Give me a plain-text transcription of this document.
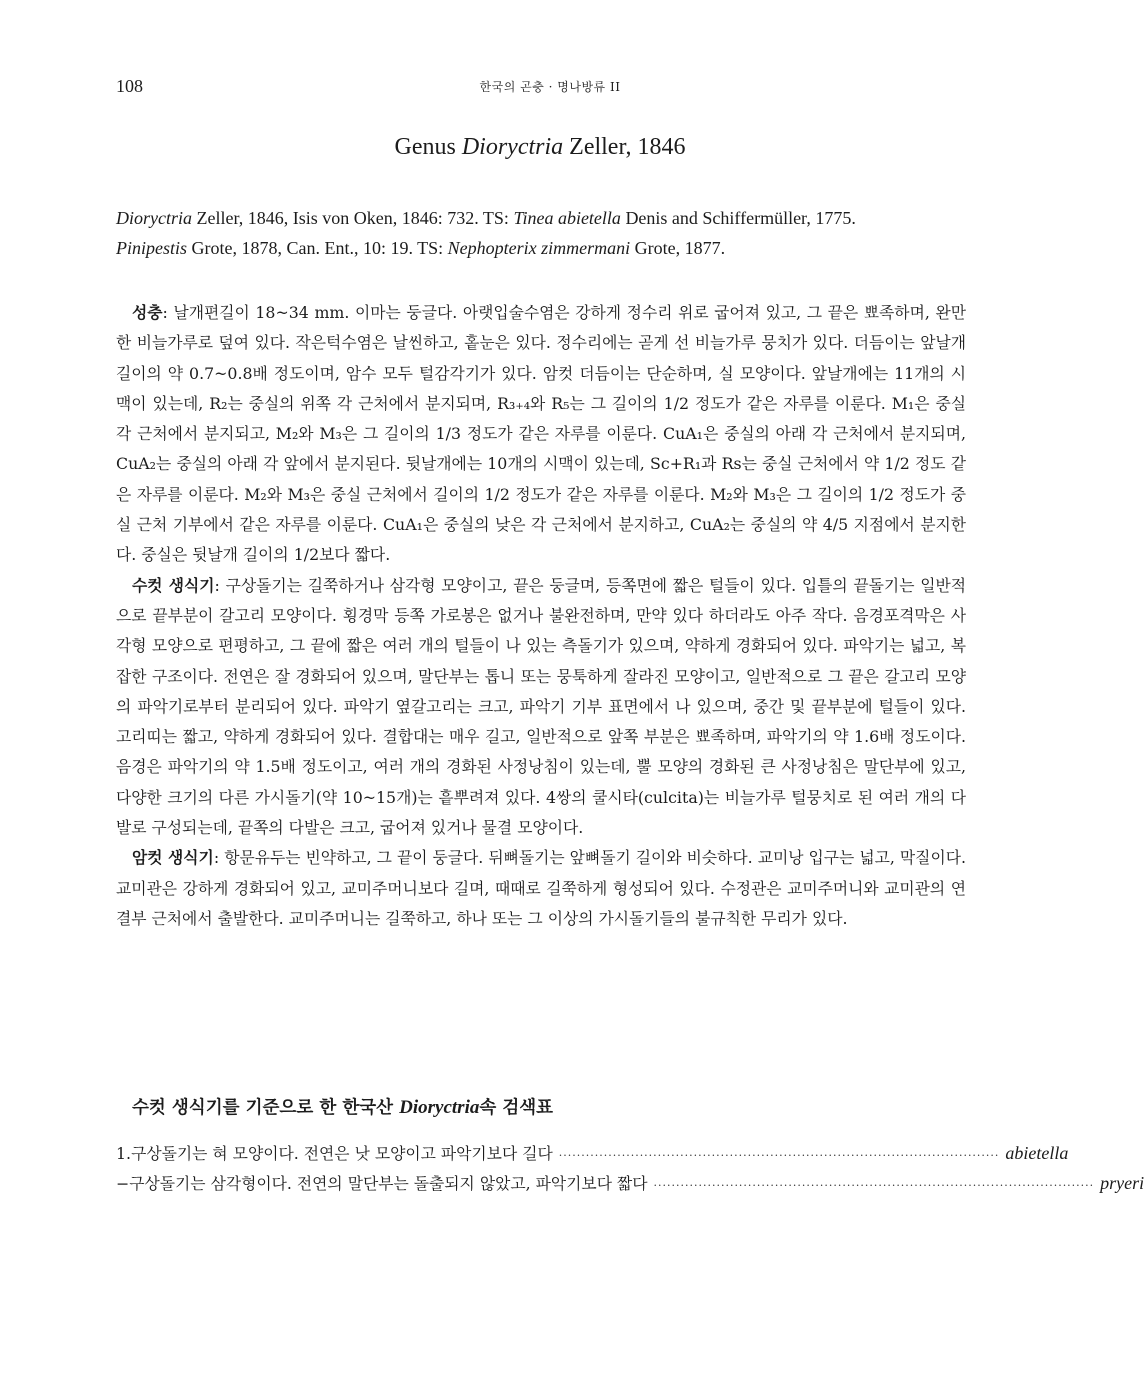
108	한국의 곤충 · 명나방류 II
Genus Dioryctria Zeller, 1846
Dioryctria Zeller, 1846, Isis von Oken, 1846: 732. TS: Tinea abietella Denis and Schiffermüller, 1775.
Pinipestis Grote, 1878, Can. Ent., 10: 19. TS: Nephopterix zimmermani Grote, 1877.

성충: 날개편길이 18~34 mm. 이마는 둥글다. 아랫입술수염은 강하게 정수리 위로 굽어져 있고, 그 끝은 뾰족하며, 완만한 비늘가루로 덮여 있다. 작은턱수염은 날씬하고, 홑눈은 있다. 정수리에는 곧게 선 비늘가루 뭉치가 있다. 더듬이는 앞날개 길이의 약 0.7~0.8배 정도이며, 암수 모두 털감각기가 있다. 암컷 더듬이는 단순하며, 실 모양이다. 앞날개에는 11개의 시맥이 있는데, R₂는 중실의 위쪽 각 근처에서 분지되며, R₃₊₄와 R₅는 그 길이의 1/2 정도가 같은 자루를 이룬다. M₁은 중실 각 근처에서 분지되고, M₂와 M₃은 그 길이의 1/3 정도가 같은 자루를 이룬다. CuA₁은 중실의 아래 각 근처에서 분지되며, CuA₂는 중실의 아래 각 앞에서 분지된다. 뒷날개에는 10개의 시맥이 있는데, Sc+R₁과 Rs는 중실 근처에서 약 1/2 정도 같은 자루를 이룬다. M₂와 M₃은 중실 근처에서 길이의 1/2 정도가 같은 자루를 이룬다. M₂와 M₃은 그 길이의 1/2 정도가 중실 근처 기부에서 같은 자루를 이룬다. CuA₁은 중실의 낮은 각 근처에서 분지하고, CuA₂는 중실의 약 4/5 지점에서 분지한다. 중실은 뒷날개 길이의 1/2보다 짧다.

수컷 생식기: 구상돌기는 길쭉하거나 삼각형 모양이고, 끝은 둥글며, 등쪽면에 짧은 털들이 있다. 입틀의 끝돌기는 일반적으로 끝부분이 갈고리 모양이다. 횡경막 등쪽 가로봉은 없거나 불완전하며, 만약 있다 하더라도 아주 작다. 음경포격막은 사각형 모양으로 편평하고, 그 끝에 짧은 여러 개의 털들이 나 있는 측돌기가 있으며, 약하게 경화되어 있다. 파악기는 넓고, 복잡한 구조이다. 전연은 잘 경화되어 있으며, 말단부는 톱니 또는 뭉툭하게 잘라진 모양이고, 일반적으로 그 끝은 갈고리 모양의 파악기로부터 분리되어 있다. 파악기 옆갈고리는 크고, 파악기 기부 표면에서 나 있으며, 중간 및 끝부분에 털들이 있다. 고리띠는 짧고, 약하게 경화되어 있다. 결합대는 매우 길고, 일반적으로 앞쪽 부분은 뾰족하며, 파악기의 약 1.6배 정도이다. 음경은 파악기의 약 1.5배 정도이고, 여러 개의 경화된 사정낭침이 있는데, 뿔 모양의 경화된 큰 사정낭침은 말단부에 있고, 다양한 크기의 다른 가시돌기(약 10~15개)는 흩뿌려져 있다. 4쌍의 쿨시타(culcita)는 비늘가루 털뭉치로 된 여러 개의 다발로 구성되는데, 끝쪽의 다발은 크고, 굽어져 있거나 물결 모양이다.

암컷 생식기: 항문유두는 빈약하고, 그 끝이 둥글다. 뒤뼈돌기는 앞뼈돌기 길이와 비슷하다. 교미낭 입구는 넓고, 막질이다. 교미관은 강하게 경화되어 있고, 교미주머니보다 길며, 때때로 길쭉하게 형성되어 있다. 수정관은 교미주머니와 교미관의 연결부 근처에서 출발한다. 교미주머니는 길쭉하고, 하나 또는 그 이상의 가시돌기들의 불규칙한 무리가 있다.

수컷 생식기를 기준으로 한 한국산 Dioryctria속 검색표
1. 구상돌기는 혀 모양이다. 전연은 낫 모양이고 파악기보다 길다 ·································································································· abietella
− 구상돌기는 삼각형이다. 전연의 말단부는 돌출되지 않았고, 파악기보다 짧다 ·································································································· pryeri
